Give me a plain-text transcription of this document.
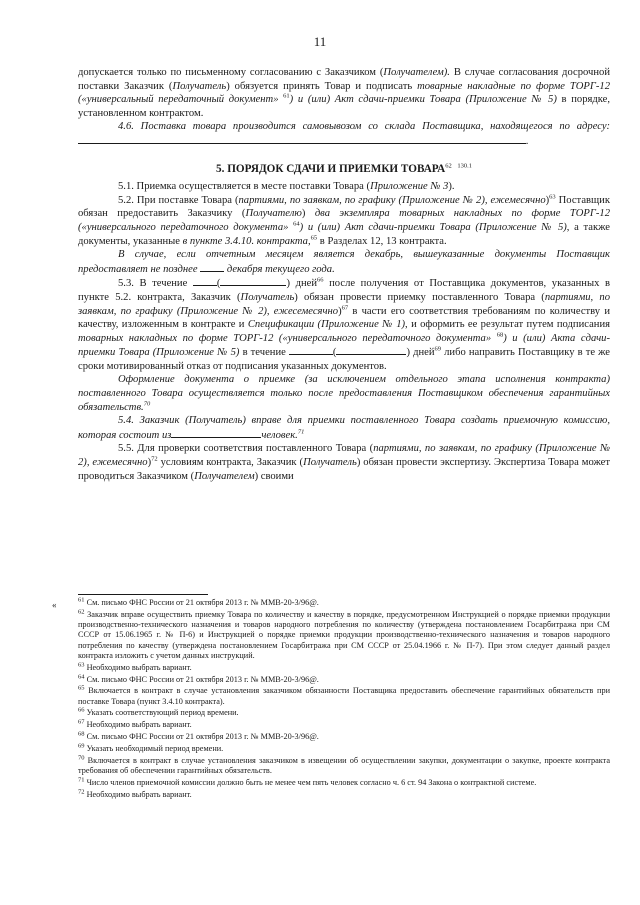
11

допускается только по письменному согласованию с Заказчиком (Получателем). В случае согласования досрочной поставки Заказчик (Получатель) обязуется принять Товар и подписать товарные накладные по форме ТОРГ-12 («универсальный передаточный документ» $^{61}$) и (или) Акт сдачи-приемки Товара (Приложение № 5) в порядке, установленном контрактом.

4.6. Поставка товара производится самовывозом со склада Поставщика, находящегося по адресу:.

5. ПОРЯДОК СДАЧИ И ПРИЕМКИ ТОВАРА$^{62}$ $^{130.1}$

5.1. Приемка осуществляется в месте поставки Товара (Приложение № 3).

5.2. При поставке Товара (партиями, по заявкам, по графику (Приложение № 2), ежемесячно)$^{63}$ Поставщик обязан предоставить Заказчику (Получателю) два экземпляра товарных накладных по форме ТОРГ-12 («универсального передаточного документа» $^{64}$) и (или) Акт сдачи-приемки Товара (Приложение № 5), а также документы, указанные в пункте 3.4.10. контракта,$^{65}$ в Разделах 12, 13 контракта.

В случае, если отчетным месяцем является декабрь, вышеуказанные документы Поставщик предоставляет не позднее  декабря текущего года.

5.3. В течение (	) дней$^{66}$ после получения от Поставщика документов, указанных в пункте 5.2. контракта, Заказчик (Получатель) обязан провести приемку поставленного Товара (партиями, по заявкам, по графику (Приложение № 2), ежесемесячно)$^{67}$ в части его соответствия требованиям по количеству и качеству, изложенным в контракте и Спецификации (Приложение № 1), и оформить ее результат путем подписания товарных накладных по форме ТОРГ-12 («универсального передаточного документа» $^{68}$) и (или) Акта сдачи-приемки Товара (Приложение № 5) в течение	(	) дней$^{69}$ либо направить Поставщику в те же сроки мотивированный отказ от подписания указанных документов.

Оформление документа о приемке (за исключением отдельного этапа исполнения контракта) поставленного Товара осуществляется только после предоставления Поставщиком обеспечения гарантийных обязательств.$^{70}$

5.4. Заказчик (Получатель) вправе для приемки поставленного Товара создать приемочную комиссию, которая состоит из	человек.$^{71}$

5.5. Для проверки соответствия поставленного Товара (партиями, по заявкам, по графику (Приложение № 2), ежемесячно)$^{72}$ условиям контракта, Заказчик (Получатель) обязан провести экспертизу. Экспертиза Товара может проводиться Заказчиком (Получателем) своими

«

$^{61}$ См. письмо ФНС России от 21 октября 2013 г. № ММВ-20-3/96@.

$^{62}$ Заказчик вправе осуществить приемку Товара по количеству и качеству в порядке, предусмотренном Инструкцией о порядке приемки продукции производственно-технического назначения и товаров народного потребления по количеству (утверждена постановлением Госарбитража при СМ СССР от 15.06.1965 г. № П-6) и Инструкцией о порядке приемки продукции производственно-технического назначения и товаров народного потребления по качеству (утверждена постановлением Госарбитража при СМ СССР от 25.04.1966 г. № П-7). При этом следует данный раздел контракта изложить с учетом данных инструкций.

$^{63}$ Необходимо выбрать вариант.

$^{64}$ См. письмо ФНС России от 21 октября 2013 г. № ММВ-20-3/96@.

$^{65}$ Включается в контракт в случае установления заказчиком обязанности Поставщика предоставить обеспечение гарантийных обязательств при поставке Товара (пункт 3.4.10 контракта).

$^{66}$ Указать соответствующий период времени.

$^{67}$ Необходимо выбрать вариант.

$^{68}$ См. письмо ФНС России от 21 октября 2013 г. № ММВ-20-3/96@.

$^{69}$ Указать необходимый период времени.

$^{70}$ Включается в контракт в случае установления заказчиком в извещении об осуществлении закупки, документации о закупке, проекте контракта требования об обеспечении гарантийных обязательств.

$^{71}$ Число членов приемочной комиссии должно быть не менее чем пять человек согласно ч. 6 ст. 94 Закона о контрактной системе.

$^{72}$ Необходимо выбрать вариант.
